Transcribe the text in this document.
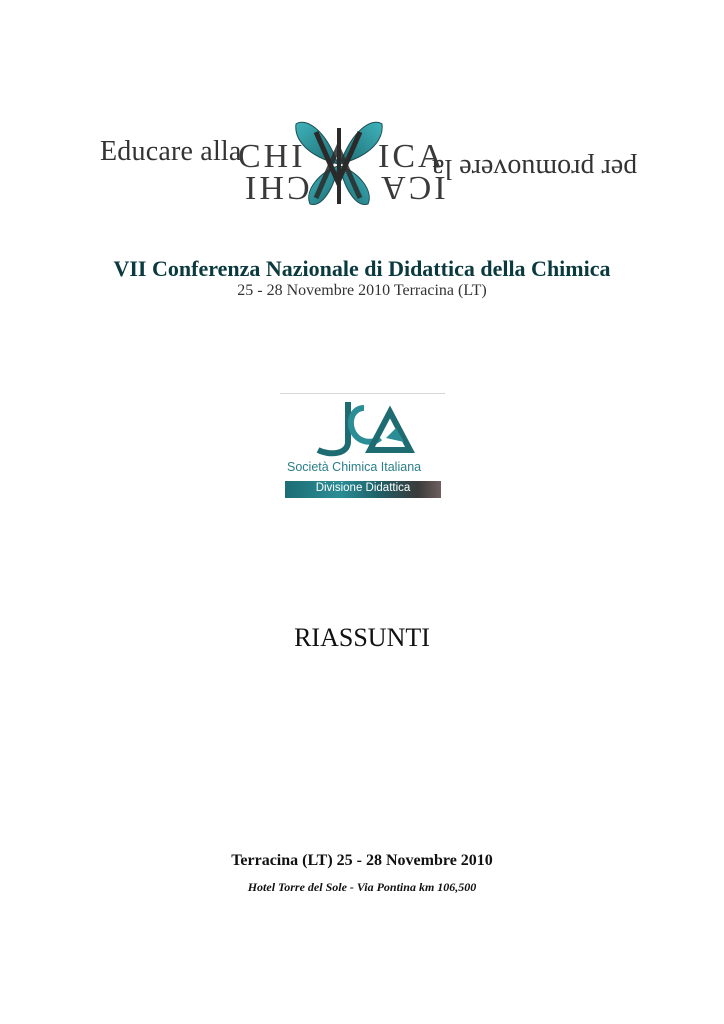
Educare alla
CHI ICA
CHI ICA
per promuovere la
VII Conferenza Nazionale di Didattica della Chimica
25 - 28 Novembre 2010 Terracina (LT)
Società Chimica Italiana
Divisione Didattica
RIASSUNTI
Terracina (LT) 25 - 28 Novembre 2010
Hotel Torre del Sole - Via Pontina km 106,500
